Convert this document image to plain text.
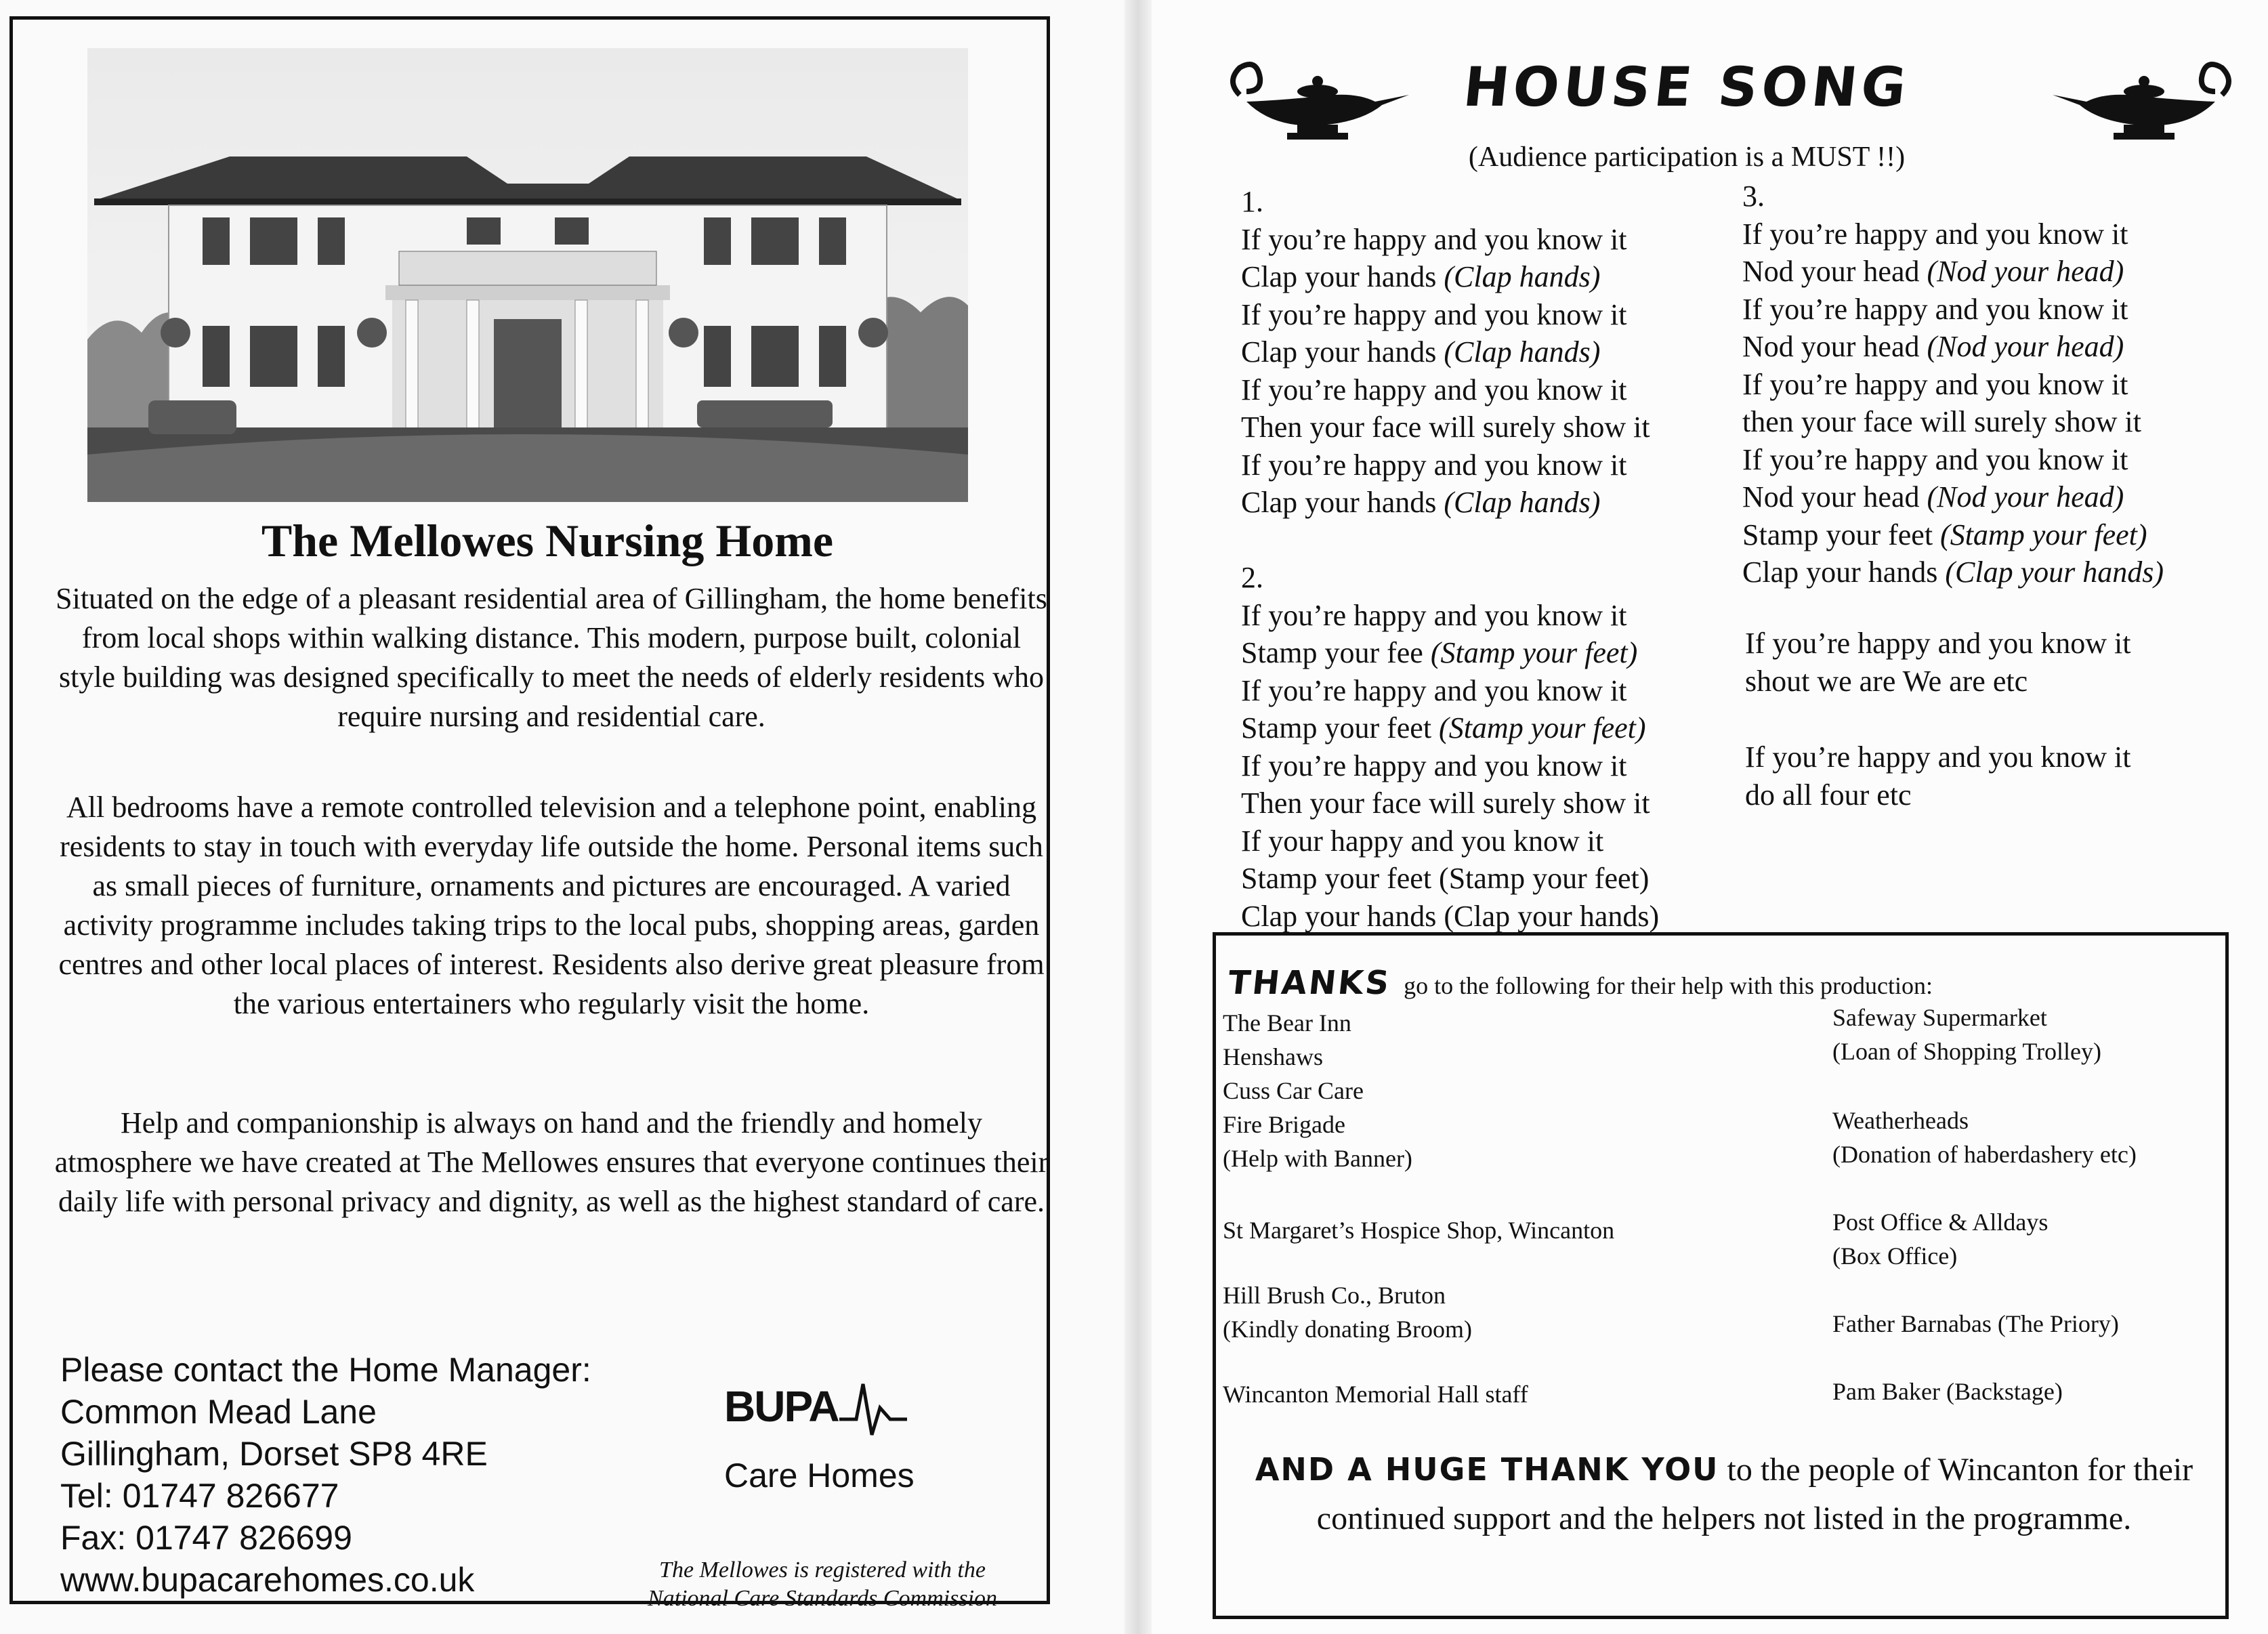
The Mellowes Nursing Home

Situated on the edge of a pleasant residential area of Gillingham, the home benefits from local shops within walking distance. This modern, purpose built, colonial style building was designed specifically to meet the needs of elderly residents who require nursing and residential care.

All bedrooms have a remote controlled television and a telephone point, enabling residents to stay in touch with everyday life outside the home. Personal items such as small pieces of furniture, ornaments and pictures are encouraged. A varied activity programme includes taking trips to the local pubs, shopping areas, garden centres and other local places of interest. Residents also derive great pleasure from the various entertainers who regularly visit the home.

Help and companionship is always on hand and the friendly and homely atmosphere we have created at The Mellowes ensures that everyone continues their daily life with personal privacy and dignity, as well as the highest standard of care.

Please contact the Home Manager:
Common Mead Lane
Gillingham, Dorset SP8 4RE
Tel: 01747 826677
Fax: 01747 826699
www.bupacarehomes.co.uk
BUPA
Care Homes
The Mellowes is registered with the
National Care Standards Commission
HOUSE SONG
(Audience participation is a MUST !!)
1.
If you’re happy and you know it
Clap your hands (Clap hands)
If you’re happy and you know it
Clap your hands (Clap hands)
If you’re happy and you know it
Then your face will surely show it
If you’re happy and you know it
Clap your hands (Clap hands)
2.
If you’re happy and you know it
Stamp your fee (Stamp your feet)
If you’re happy and you know it
Stamp your feet (Stamp your feet)
If you’re happy and you know it
Then your face will surely show it
If your happy and you know it
Stamp your feet (Stamp your feet)
Clap your hands (Clap your hands)
3.
If you’re happy and you know it
Nod your head (Nod your head)
If you’re happy and you know it
Nod your head (Nod your head)
If you’re happy and you know it
then your face will surely show it
If you’re happy and you know it
Nod your head (Nod your head)
Stamp your feet (Stamp your feet)
Clap your hands (Clap your hands)
If you’re happy and you know it
shout we are We are etc
If you’re happy and you know it
do all four etc
THANKS go to the following for their help with this production:
The Bear Inn
Henshaws
Cuss Car Care
Fire Brigade
(Help with Banner)
St Margaret’s Hospice Shop, Wincanton
Hill Brush Co., Bruton
(Kindly donating Broom)
Wincanton Memorial Hall staff
Safeway Supermarket
(Loan of Shopping Trolley)
Weatherheads
(Donation of haberdashery etc)
Post Office & Alldays
(Box Office)
Father Barnabas (The Priory)
Pam Baker (Backstage)
AND A HUGE THANK YOU to the people of Wincanton for their continued support and the helpers not listed in the programme.
